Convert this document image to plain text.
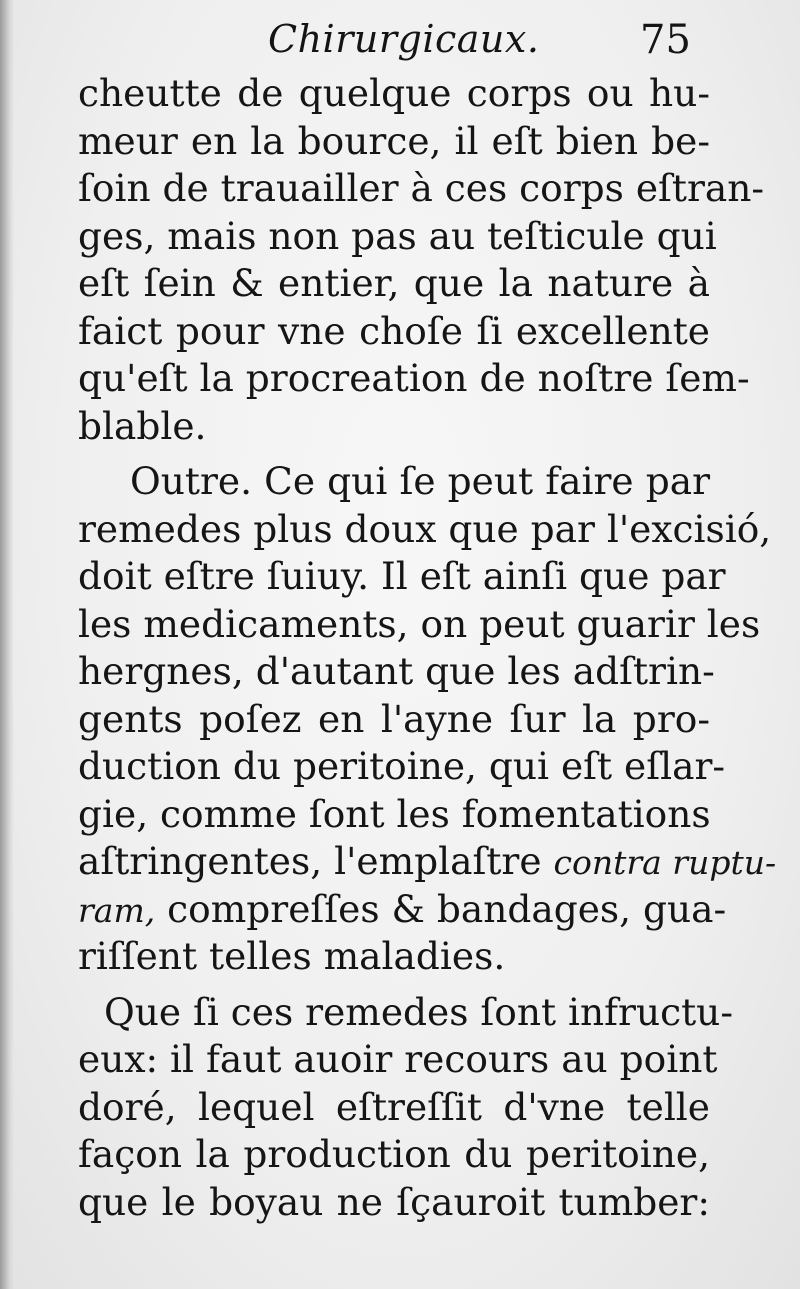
Chirurgicaux.	75
cheutte de quelque corps ou hu-
meur en la bource, il eſt bien be-
ſoin de trauailler à ces corps eſtran-
ges, mais non pas au teſticule qui
eſt ſein & entier, que la nature à
faict pour vne choſe ſi excellente
qu'eſt la procreation de noſtre ſem-
blable.
Outre. Ce qui ſe peut faire par
remedes plus doux que par l'excisió,
doit eſtre ſuiuy. Il eſt ainſi que par
les medicaments, on peut guarir les
hergnes, d'autant que les adſtrin-
gents poſez en l'ayne ſur la pro-
duction du peritoine, qui eſt eſlar-
gie, comme ſont les fomentations
aſtringentes, l'emplaſtre contra ruptu-
ram, compreſſes & bandages, gua-
riſſent telles maladies.
Que ſi ces remedes ſont infructu-
eux: il faut auoir recours au point
doré, lequel eſtreſſit d'vne telle
façon la production du peritoine,
que le boyau ne ſçauroit tumber:
